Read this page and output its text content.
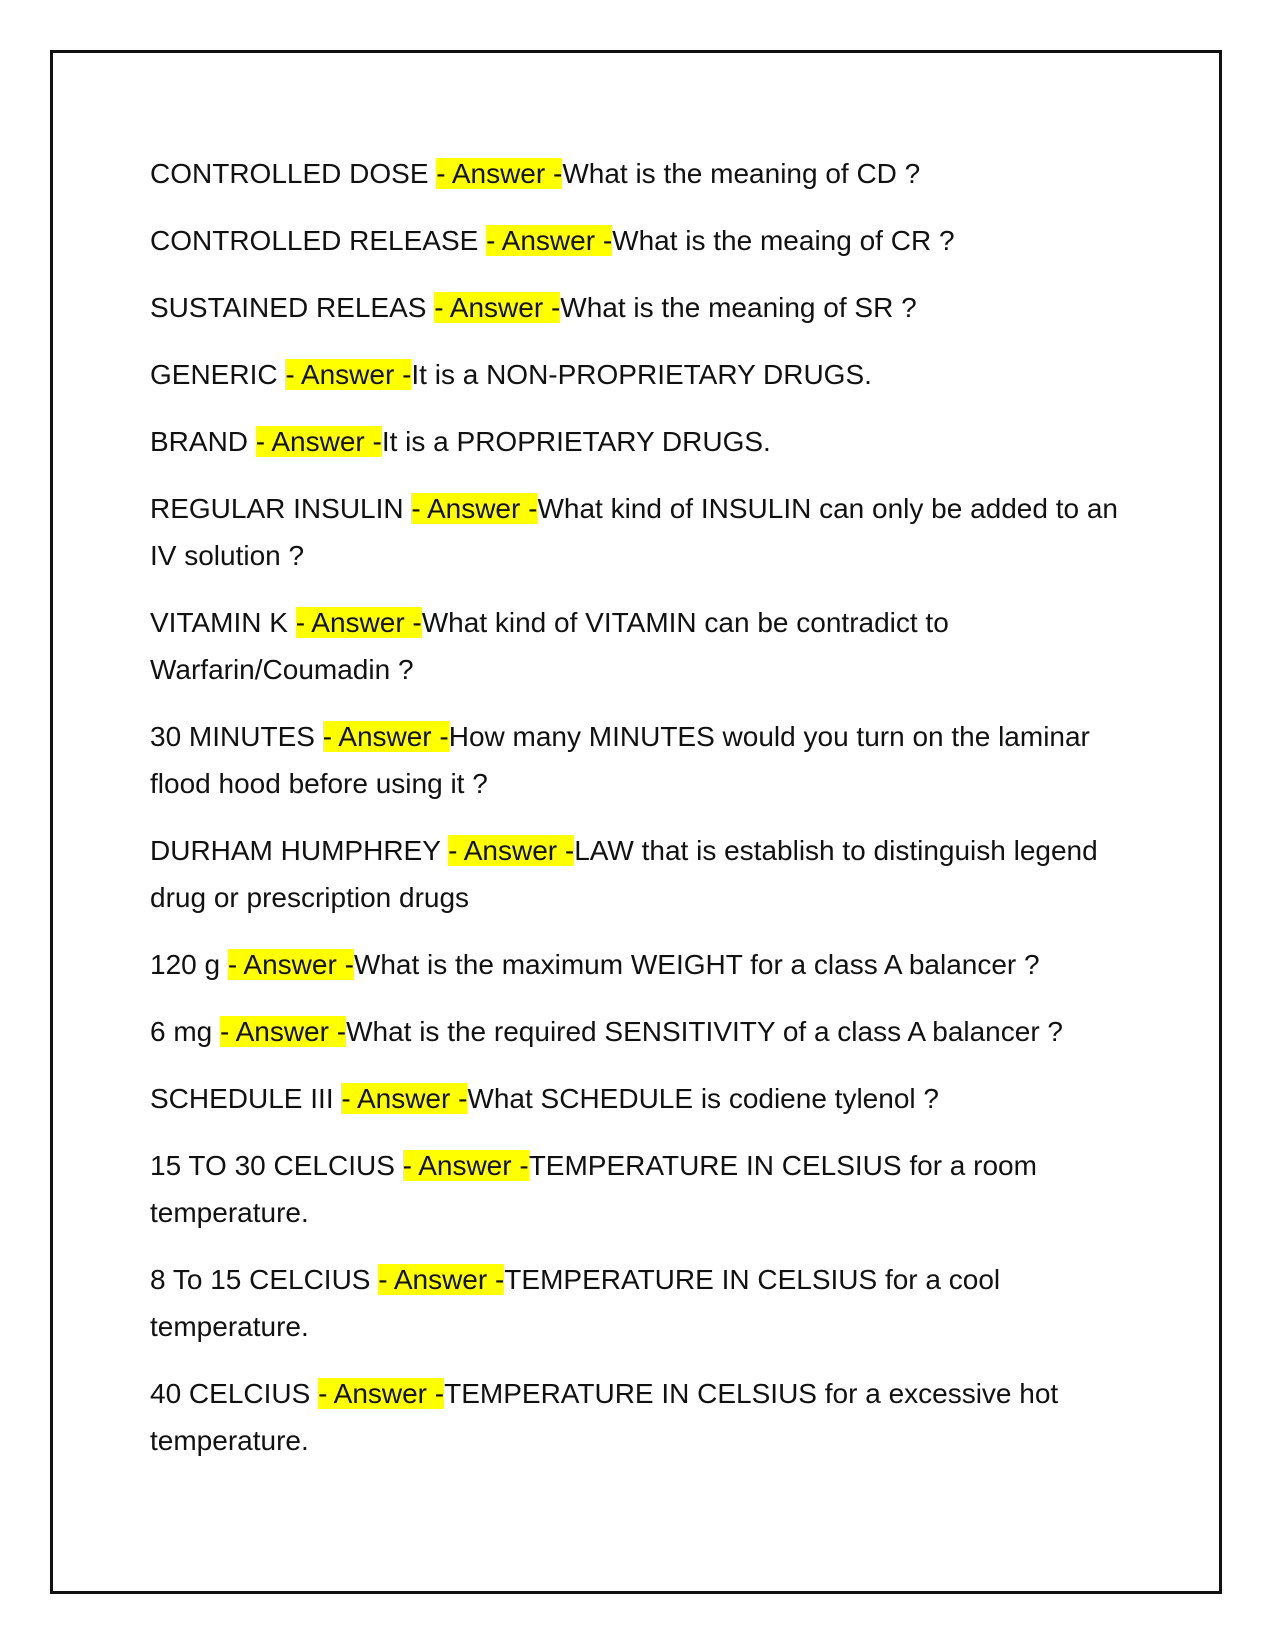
CONTROLLED DOSE - Answer -What is the meaning of CD ?

CONTROLLED RELEASE - Answer -What is the meaing of CR ?

SUSTAINED RELEAS - Answer -What is the meaning of SR ?

GENERIC - Answer -It is a NON-PROPRIETARY DRUGS.

BRAND - Answer -It is a PROPRIETARY DRUGS.

REGULAR INSULIN - Answer -What kind of INSULIN can only be added to an IV solution ?

VITAMIN K - Answer -What kind of VITAMIN can be contradict to Warfarin/Coumadin ?

30 MINUTES - Answer -How many MINUTES would you turn on the laminar flood hood before using it ?

DURHAM HUMPHREY - Answer -LAW that is establish to distinguish legend drug or prescription drugs

120 g - Answer -What is the maximum WEIGHT for a class A balancer ?

6 mg - Answer -What is the required SENSITIVITY of a class A balancer ?

SCHEDULE III - Answer -What SCHEDULE is codiene tylenol ?

15 TO 30 CELCIUS - Answer -TEMPERATURE IN CELSIUS for a room temperature.

8 To 15 CELCIUS - Answer -TEMPERATURE IN CELSIUS for a cool temperature.

40 CELCIUS - Answer -TEMPERATURE IN CELSIUS for a excessive hot temperature.
